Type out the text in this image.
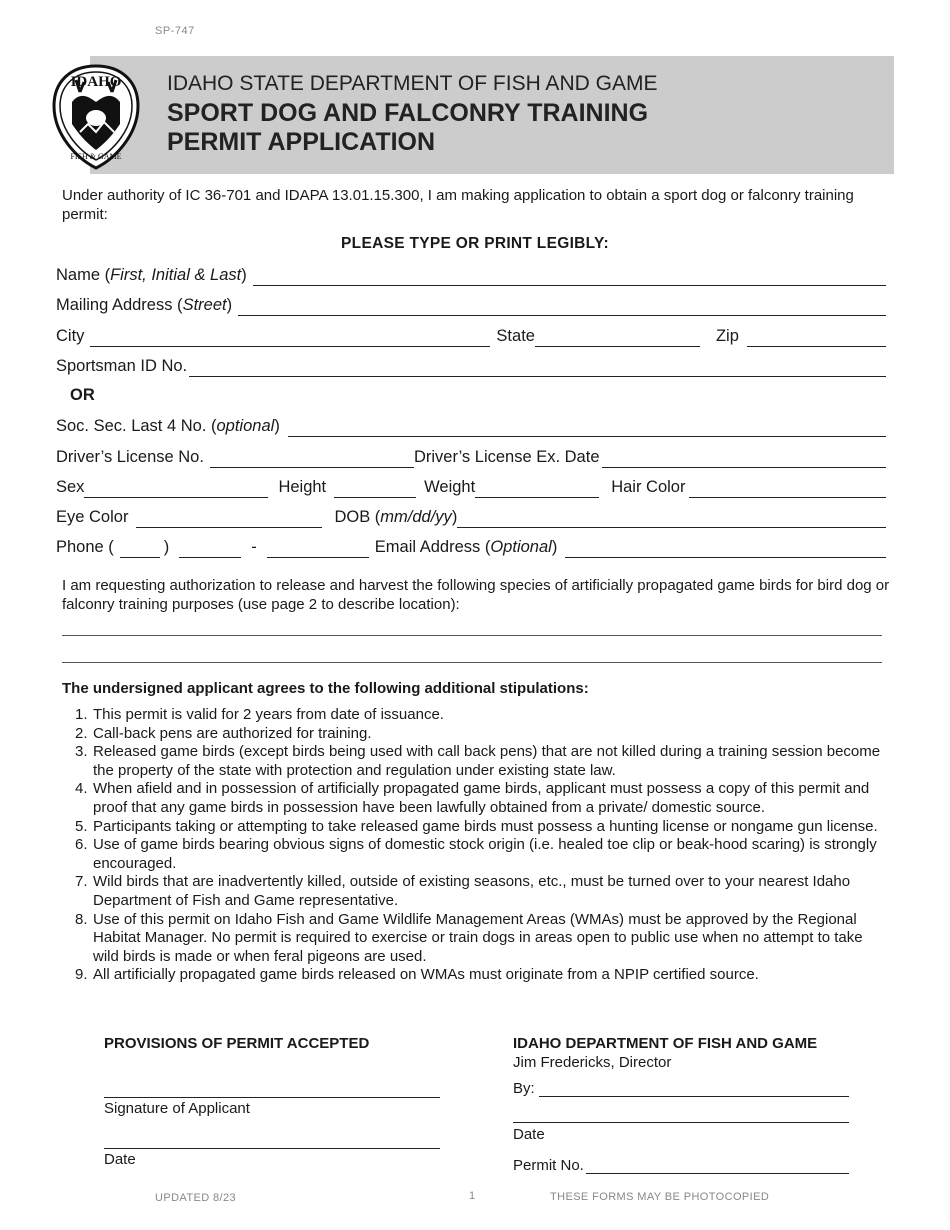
SP-747
IDAHO
FISH & GAME
IDAHO STATE DEPARTMENT OF FISH AND GAME
SPORT DOG AND FALCONRY TRAINING
PERMIT APPLICATION
Under authority of IC 36-701 and IDAPA 13.01.15.300, I am making application to obtain a sport dog or falconry training permit:
PLEASE TYPE OR PRINT LEGIBLY:
Name (First, Initial & Last)
Mailing Address (Street)
City	State	Zip
Sportsman ID No.
OR
Soc. Sec. Last 4 No. (optional)
Driver’s License No.	Driver’s License Ex. Date
Sex	Height	Weight	Hair Color
Eye Color	DOB (mm/dd/yy)
Phone (	)	-	Email Address (Optional)
I am requesting authorization to release and harvest the following species of artificially propagated game birds for bird dog or falconry training purposes (use page 2 to describe location):
The undersigned applicant agrees to the following additional stipulations:
1. This permit is valid for 2 years from date of issuance.
2. Call-back pens are authorized for training.
3. Released game birds (except birds being used with call back pens) that are not killed during a training session become the property of the state with protection and regulation under existing state law.
4. When afield and in possession of artificially propagated game birds, applicant must possess a copy of this permit and proof that any game birds in possession have been lawfully obtained from a private/ domestic source.
5. Participants taking or attempting to take released game birds must possess a hunting license or nongame gun license.
6. Use of game birds bearing obvious signs of domestic stock origin (i.e. healed toe clip or beak-hood scaring) is strongly encouraged.
7. Wild birds that are inadvertently killed, outside of existing seasons, etc., must be turned over to your nearest Idaho Department of Fish and Game representative.
8. Use of this permit on Idaho Fish and Game Wildlife Management Areas (WMAs) must be approved by the Regional Habitat Manager. No permit is required to exercise or train dogs in areas open to public use when no attempt to take wild birds is made or when feral pigeons are used.
9. All artificially propagated game birds released on WMAs must originate from a NPIP certified source.
PROVISIONS OF PERMIT ACCEPTED
Signature of Applicant
Date
IDAHO DEPARTMENT OF FISH AND GAME
Jim Fredericks, Director
By:
Date
Permit No.
UPDATED 8/23	1	THESE FORMS MAY BE PHOTOCOPIED
